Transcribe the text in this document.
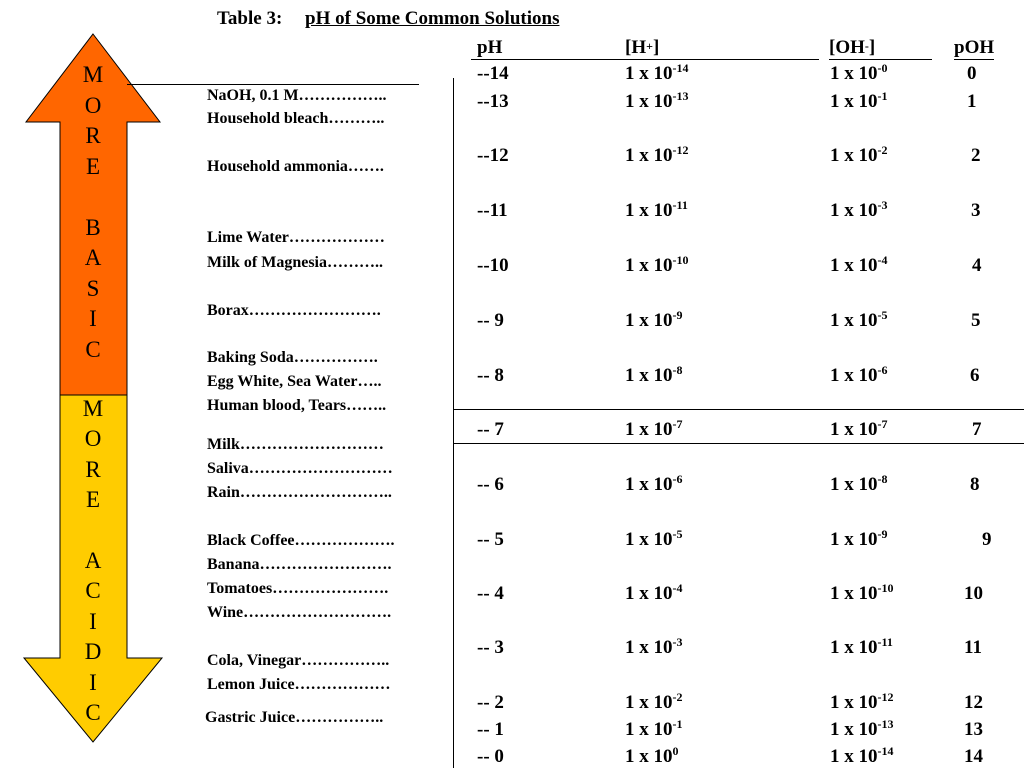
Table 3: pH of Some Common Solutions
pH	[H+]	[OH-]	pOH
M
O
R
E
B
A
S
I
C
M
O
R
E
A
C
I
D
I
C
NaOH, 0.1 M……………..
Household bleach………..
Household ammonia…….
Lime Water………………
Milk of Magnesia………..
Borax…………………….
Baking Soda…………….
Egg White, Sea Water…..
Human blood, Tears……..
Milk………………………
Saliva………………………
Rain………………………..
Black Coffee……………….
Banana…………………….
Tomatoes………………….
Wine……………………….
Cola, Vinegar……………..
Lemon Juice………………
Gastric Juice……………..
--14	1 x $10^{-14}$	1 x $10^{-0}$	0
--13	1 x $10^{-13}$	1 x $10^{-1}$	1
--12	1 x $10^{-12}$	1 x $10^{-2}$	2
--11	1 x $10^{-11}$	1 x $10^{-3}$	3
--10	1 x $10^{-10}$	1 x $10^{-4}$	4
-- 9	1 x $10^{-9}$	1 x $10^{-5}$	5
-- 8	1 x $10^{-8}$	1 x $10^{-6}$	6
-- 7	1 x $10^{-7}$	1 x $10^{-7}$	7
-- 6	1 x $10^{-6}$	1 x $10^{-8}$	8
-- 5	1 x $10^{-5}$	1 x $10^{-9}$	9
-- 4	1 x $10^{-4}$	1 x $10^{-10}$	10
-- 3	1 x $10^{-3}$	1 x $10^{-11}$	11
-- 2	1 x $10^{-2}$	1 x $10^{-12}$	12
-- 1	1 x $10^{-1}$	1 x $10^{-13}$	13
-- 0	1 x $10^0$	1 x $10^{-14}$	14
